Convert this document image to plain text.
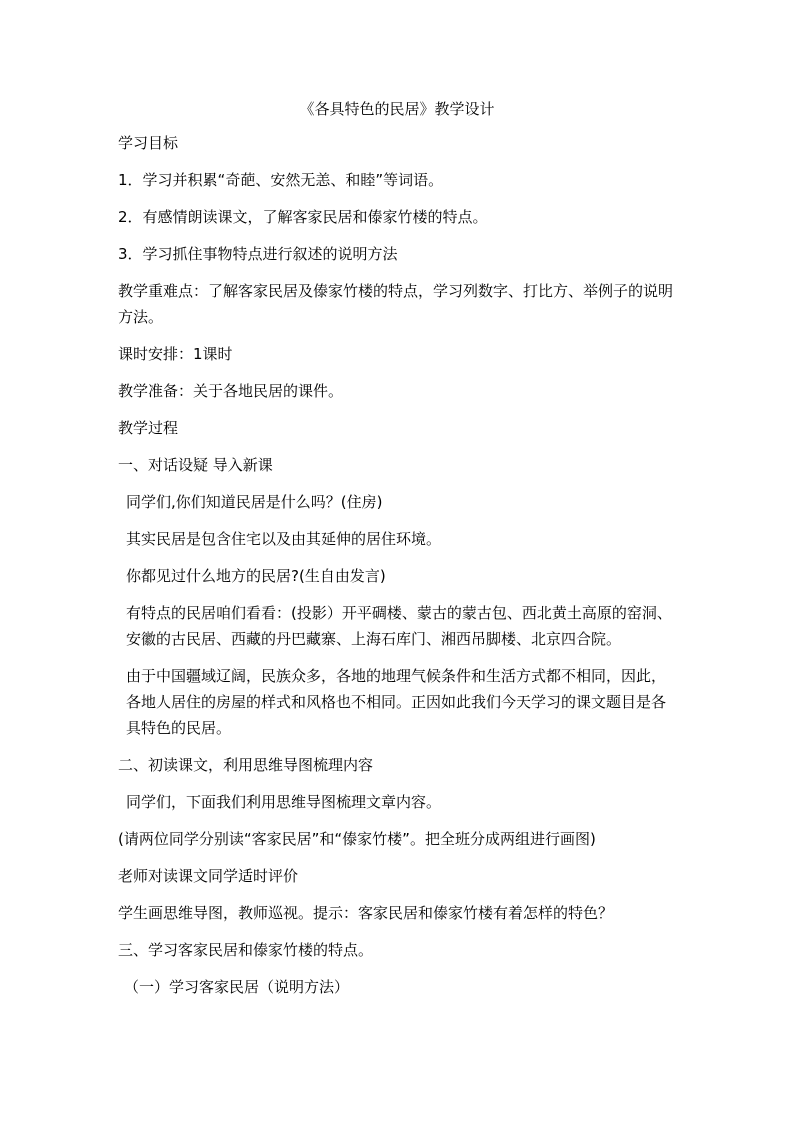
《各具特色的民居》教学设计

学习目标

1．学习并积累“奇葩、安然无恙、和睦”等词语。

2．有感情朗读课文，了解客家民居和傣家竹楼的特点。

3．学习抓住事物特点进行叙述的说明方法

教学重难点：了解客家民居及傣家竹楼的特点，学习列数字、打比方、举例子的说明方法。

课时安排：1课时

教学准备：关于各地民居的课件。

教学过程

一、对话设疑 导入新课

同学们,你们知道民居是什么吗？(住房)

其实民居是包含住宅以及由其延伸的居住环境。

你都见过什么地方的民居?(生自由发言)

有特点的民居咱们看看：(投影）开平碉楼、蒙古的蒙古包、西北黄土高原的窑洞、安徽的古民居、西藏的丹巴藏寨、上海石库门、湘西吊脚楼、北京四合院。

由于中国疆域辽阔，民族众多，各地的地理气候条件和生活方式都不相同，因此，各地人居住的房屋的样式和风格也不相同。正因如此我们今天学习的课文题目是各具特色的民居。

二、初读课文，利用思维导图梳理内容

同学们，下面我们利用思维导图梳理文章内容。

(请两位同学分别读“客家民居”和“傣家竹楼”。把全班分成两组进行画图)

老师对读课文同学适时评价

学生画思维导图，教师巡视。提示：客家民居和傣家竹楼有着怎样的特色？

三、学习客家民居和傣家竹楼的特点。

（一）学习客家民居（说明方法）
